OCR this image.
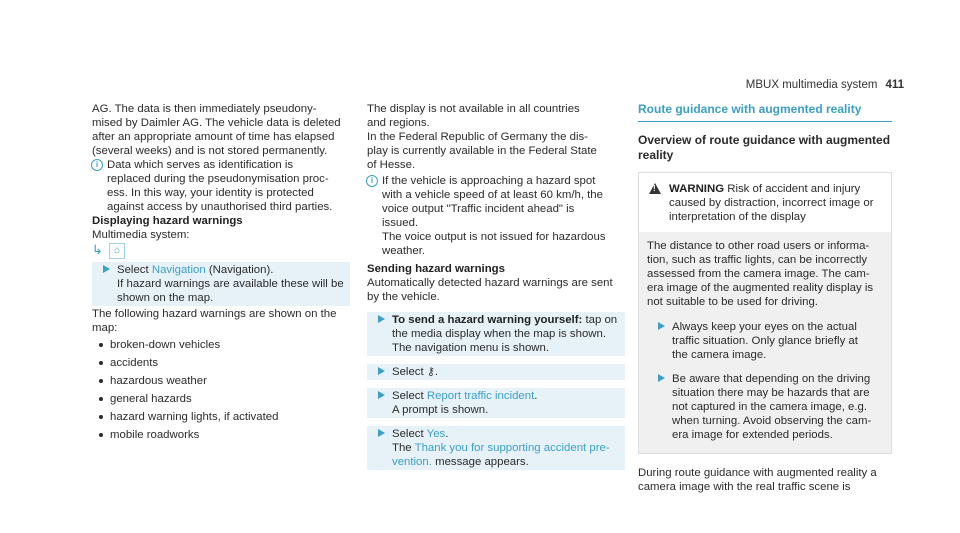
MBUX multimedia sy​stem 411

AG. The data is then immediately pseudony-
mised by Daimler AG. The vehicle data is deleted
after an appropriate amount of time has elapsed
(several weeks) and is not stored permanently.

i Data which serves as identification is
replaced during the pseudonymisation proc-
ess. In this way, your identity is protected
against access by unauthorised third parties.

Displaying hazard warnings

Multimedia system:

↳ ⌂
Select Navigation (Navigation).
If hazard warnings are available these will be
shown on the map.

The following hazard warnings are shown on the
map:

broken-down vehicles
accidents
hazardous weather
general hazards
hazard warning lights, if activated
mobile roadworks

The display is not available in all countries
and regions.
In the Federal Republic of Germany the dis-
play is currently available in the Federal State
of Hesse.

i If the vehicle is approaching a hazard spot
with a vehicle speed of at least 60 km/h, the
voice output "Traffic incident ahead" is
issued.
The voice output is not issued for hazardous
weather.

Sending hazard warnings

Automatically detected hazard warnings are sent
by the vehicle.

To send a hazard warning yourself: tap on
the media display when the map is shown.
The navigation menu is shown.
Select ⚷.
Select Report traffic incident.
A prompt is shown.
Select Yes.
The Thank you for supporting accident pre-
vention. message appears.
Route guidance with augmented reality
Overview of route guidance with augmented
reality
!
WARNING Risk of accident and injury
caused by distraction, incorrect image or
interpretation of the display
The distance to other road users or informa-
tion, such as traffic lights, can be incorrectly
assessed from the camera image. The cam-
era image of the augmented reality display is
not suitable to be used for driving.
Always keep your eyes on the actual
traffic situation. Only glance briefly at
the camera image.
Be aware that depending on the driving
situation there may be hazards that are
not captured in the camera image, e.g.
when turning. Avoid observing the cam-
era image for extended periods.

During route guidance with augmented reality a
camera image with the real traffic scene is
